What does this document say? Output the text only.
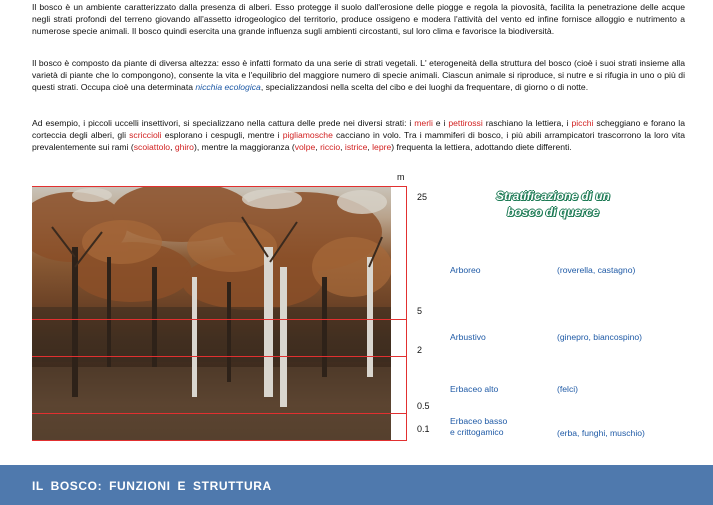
Il bosco è un ambiente caratterizzato dalla presenza di alberi. Esso protegge il suolo dall'erosione delle piogge e regola la piovosità, facilita la penetrazione delle acque negli strati profondi del terreno giovando all'assetto idrogeologico del territorio, produce ossigeno e modera l'attività del vento ed infine fornisce alloggio e nutrimento a numerose specie animali. Il bosco quindi esercita una grande influenza sugli ambienti circostanti, sul loro clima e favorisce la biodiversità.

Il bosco è composto da piante di diversa altezza: esso è infatti formato da una serie di strati vegetali. L' eterogeneità della struttura del bosco (cioè i suoi strati insieme alla varietà di piante che lo compongono), consente la vita e l'equilibrio del maggiore numero di specie animali. Ciascun animale si riproduce, si nutre e si rifugia in uno o più di questi strati. Occupa cioè una determinata nicchia ecologica, specializzandosi nella scelta del cibo e dei luoghi da frequentare, di giorno o di notte.

Ad esempio, i piccoli uccelli insettivori, si specializzano nella cattura delle prede nei diversi strati: i merli e i pettirossi raschiano la lettiera, i picchi scheggiano e forano la corteccia degli alberi, gli scriccioli esplorano i cespugli, mentre i pigliamosche cacciano in volo. Tra i mammiferi di bosco, i più abili arrampicatori trascorrono la loro vita prevalentemente sui rami (scoiattolo, ghiro), mentre la maggioranza (volpe, riccio, istrice, lepre) frequenta la lettiera, adottando diete differenti.

m
25
5
2
0.5
0.1
Stratificazione di un
bosco di querce
Arboreo	(roverella, castagno)
Arbustivo	(ginepro, biancospino)
Erbaceo alto	(felci)
Erbaceo basso
e crittogamico	(erba, funghi, muschio)
IL BOSCO: FUNZIONI E STRUTTURA
